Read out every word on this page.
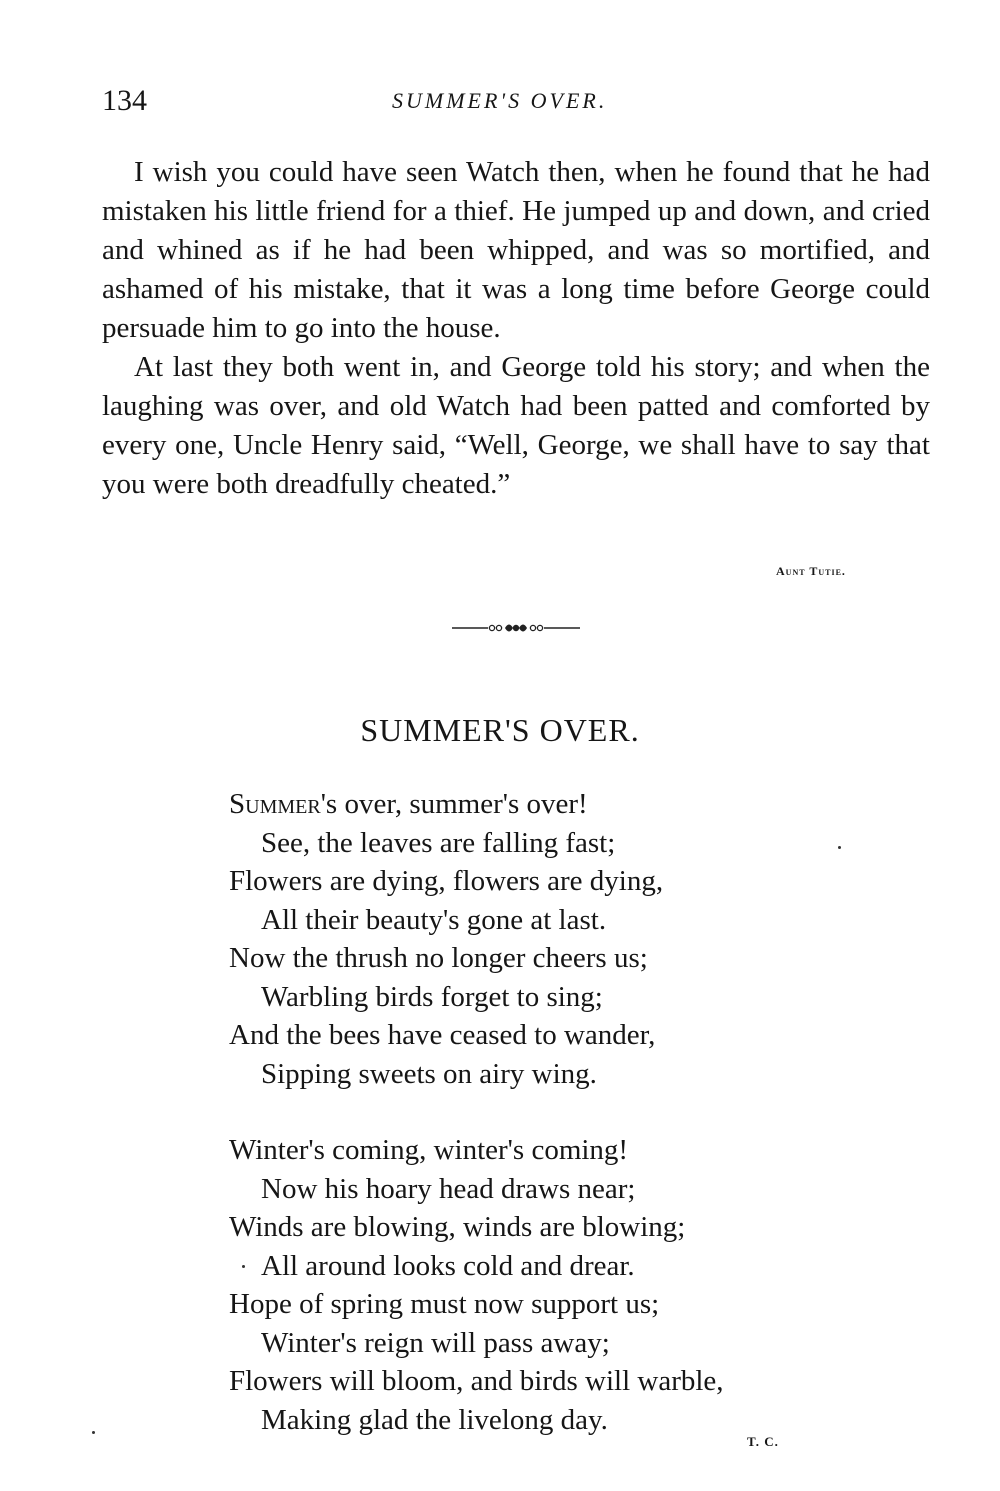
134	SUMMER'S OVER.

I wish you could have seen Watch then, when he found that he had mistaken his little friend for a thief. He jumped up and down, and cried and whined as if he had been whipped, and was so mortified, and ashamed of his mistake, that it was a long time before George could persuade him to go into the house.

At last they both went in, and George told his story; and when the laughing was over, and old Watch had been patted and comforted by every one, Uncle Henry said, “Well, George, we shall have to say that you were both dreadfully cheated.”

Aunt Tutie.
SUMMER'S OVER.
Summer's over, summer's over!
See, the leaves are falling fast;
Flowers are dying, flowers are dying,
All their beauty's gone at last.
Now the thrush no longer cheers us;
Warbling birds forget to sing;
And the bees have ceased to wander,
Sipping sweets on airy wing.
Winter's coming, winter's coming!
Now his hoary head draws near;
Winds are blowing, winds are blowing;
All around looks cold and drear.
Hope of spring must now support us;
Winter's reign will pass away;
Flowers will bloom, and birds will warble,
Making glad the livelong day.
T. C.
